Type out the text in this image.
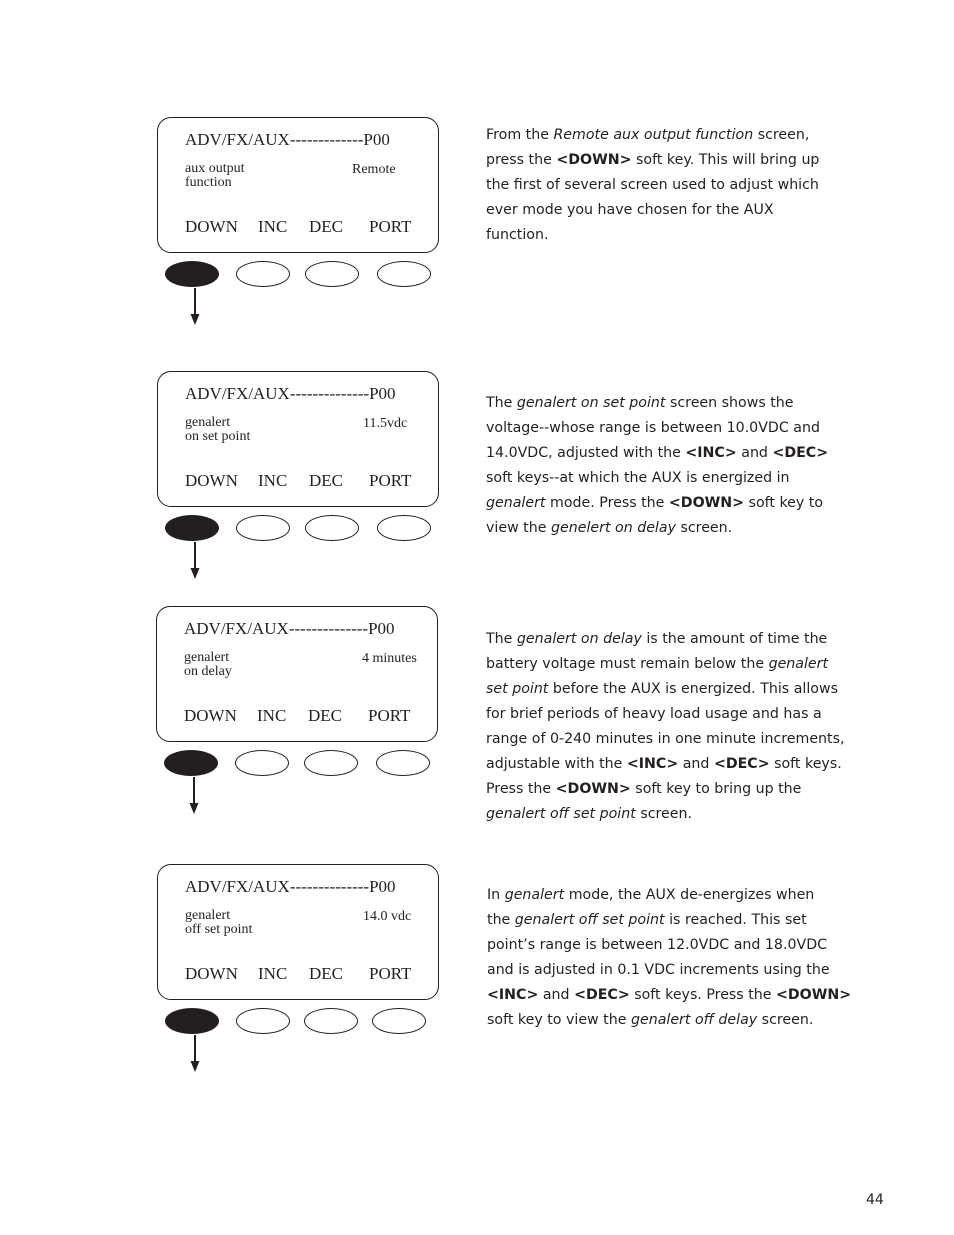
ADV/FX/AUX-------------P00
aux output
function
Remote
DOWN INC DEC PORT
From the Remote aux output function screen,
press the <DOWN> soft key. This will bring up
the first of several screen used to adjust which
ever mode you have chosen for the AUX
function.
ADV/FX/AUX--------------P00
genalert
on set point
11.5vdc
DOWN INC DEC PORT
The genalert on set point screen shows the
voltage--whose range is between 10.0VDC and
14.0VDC, adjusted with the <INC> and <DEC>
soft keys--at which the AUX is energized in
genalert mode. Press the <DOWN> soft key to
view the genelert on delay screen.
ADV/FX/AUX--------------P00
genalert
on delay
4 minutes
DOWN INC DEC PORT
The genalert on delay is the amount of time the
battery voltage must remain below the genalert
set point before the AUX is energized. This allows
for brief periods of heavy load usage and has a
range of 0-240 minutes in one minute increments,
adjustable with the <INC> and <DEC> soft keys.
Press the <DOWN> soft key to bring up the
genalert off set point screen.
ADV/FX/AUX--------------P00
genalert
off set point
14.0 vdc
DOWN INC DEC PORT
In genalert mode, the AUX de-energizes when
the genalert off set point is reached. This set
point’s range is between 12.0VDC and 18.0VDC
and is adjusted in 0.1 VDC increments using the
<INC> and <DEC> soft keys. Press the <DOWN>
soft key to view the genalert off delay screen.
44
